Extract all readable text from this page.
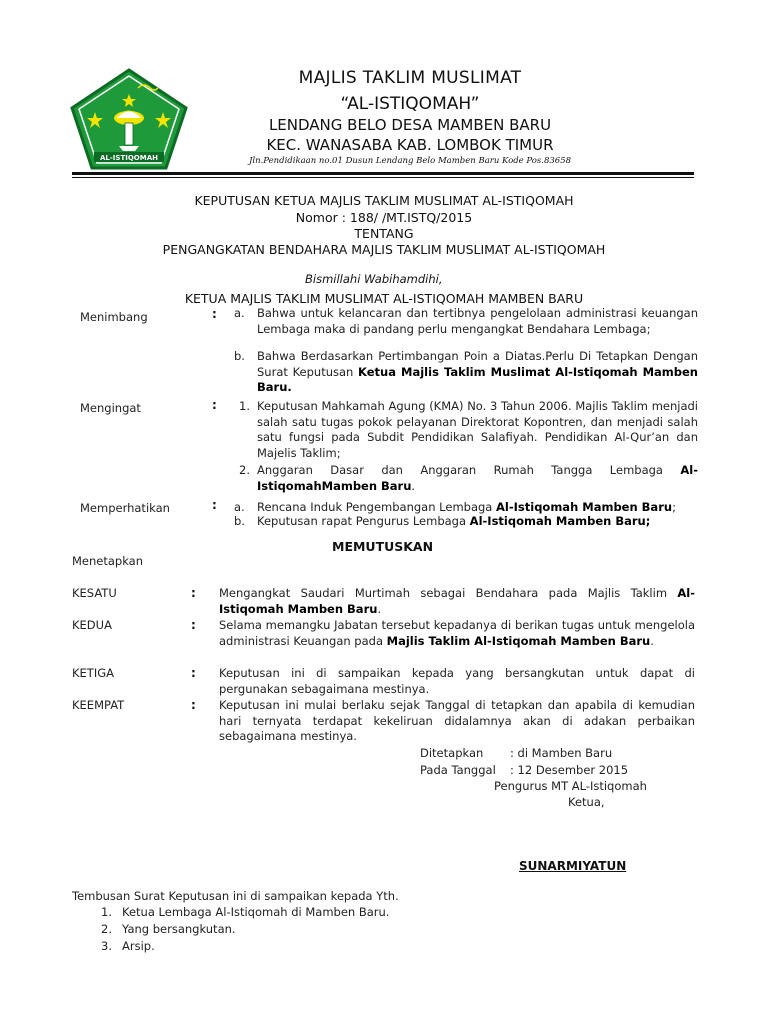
AL-ISTIQOMAH
MAJLIS TAKLIM MUSLIMAT
“AL-ISTIQOMAH”
LENDANG BELO DESA MAMBEN BARU
KEC. WANASABA KAB. LOMBOK TIMUR
Jln.Pendidikaan no.01 Dusun Lendang Belo Mamben Baru Kode Pos.83658
KEPUTUSAN KETUA MAJLIS TAKLIM MUSLIMAT AL-ISTIQOMAH
Nomor : 188/ /MT.ISTQ/2015
TENTANG
PENGANGKATAN BENDAHARA MAJLIS TAKLIM MUSLIMAT AL-ISTIQOMAH
Bismillahi Wabihamdihi,
KETUA MAJLIS TAKLIM MUSLIMAT AL-ISTIQOMAH MAMBEN BARU
Menimbang	: a. Bahwa untuk kelancaran dan tertibnya pengelolaan administrasi keuangan Lembaga maka di pandang perlu mengangkat Bendahara Lembaga;
b. Bahwa Berdasarkan Pertimbangan Poin a Diatas.Perlu Di Tetapkan Dengan Surat Keputusan Ketua Majlis Taklim Muslimat Al-Istiqomah Mamben Baru.
Mengingat	: 1. Keputusan Mahkamah Agung (KMA) No. 3 Tahun 2006. Majlis Taklim menjadi salah satu tugas pokok pelayanan Direktorat Kopontren, dan menjadi salah satu fungsi pada Subdit Pendidikan Salafiyah. Pendidikan Al-Qur’an dan Majelis Taklim;
2. Anggaran Dasar dan Anggaran Rumah Tangga Lembaga Al-IstiqomahMamben Baru.
Memperhatikan	: a. Rencana Induk Pengembangan Lembaga Al-Istiqomah Mamben Baru;
b. Keputusan rapat Pengurus Lembaga Al-Istiqomah Mamben Baru;
MEMUTUSKAN
Menetapkan
KESATU	: Mengangkat Saudari Murtimah sebagai Bendahara pada Majlis Taklim Al-Istiqomah Mamben Baru.
KEDUA	: Selama memangku Jabatan tersebut kepadanya di berikan tugas untuk mengelola administrasi Keuangan pada Majlis Taklim Al-Istiqomah Mamben Baru.
KETIGA	: Keputusan ini di sampaikan kepada yang bersangkutan untuk dapat di pergunakan sebagaimana mestinya.
KEEMPAT	: Keputusan ini mulai berlaku sejak Tanggal di tetapkan dan apabila di kemudian hari ternyata terdapat kekeliruan didalamnya akan di adakan perbaikan sebagaimana mestinya.
Ditetapkan : di Mamben Baru
Pada Tanggal : 12 Desember 2015
Pengurus MT AL-Istiqomah
Ketua,
SUNARMIYATUN
Tembusan Surat Keputusan ini di sampaikan kepada Yth.
1. Ketua Lembaga Al-Istiqomah di Mamben Baru.
2. Yang bersangkutan.
3. Arsip.
